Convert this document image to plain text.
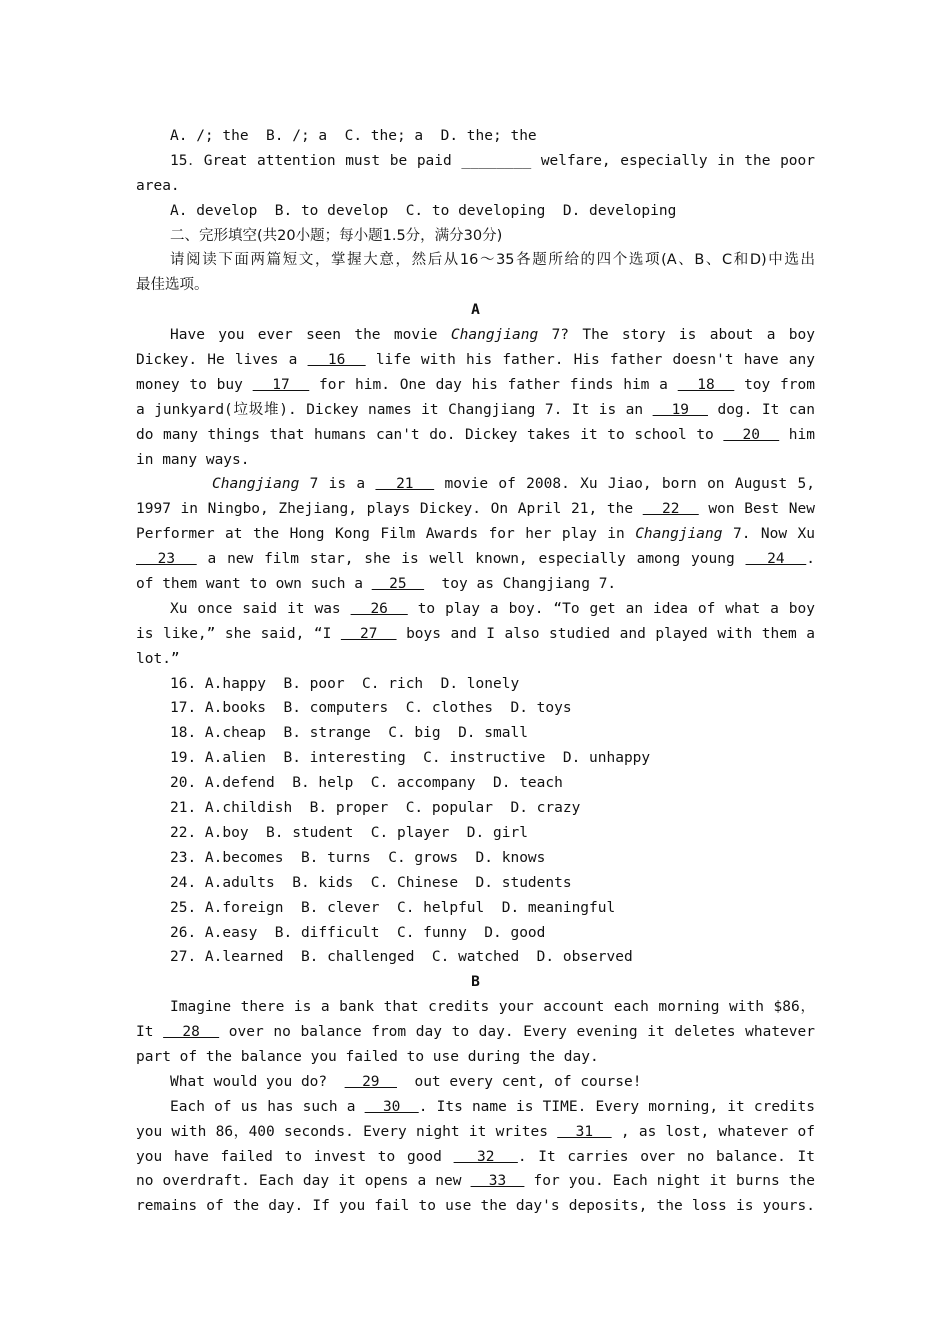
A. /; the  B. /; a  C. the; a  D. the; the
15．Great attention must be paid ________ welfare, especially in the poor
area.
A. develop  B. to develop  C. to developing  D. developing
二、完形填空(共20小题；每小题1.5分，满分30分)
请阅读下面两篇短文，掌握大意，然后从16～35各题所给的四个选项(A、B、C和D)中选出
最佳选项。
A
Have you ever seen the movie Changjiang 7? The story is about a boy
Dickey. He lives a   16   life with his father. His father doesn't have any
money to buy   17   for him. One day his father finds him a   18   toy from
a junkyard(垃圾堆). Dickey names it Changjiang 7. It is an   19   dog. It can
do many things that humans can't do. Dickey takes it to school to   20   him
in many ways.
Changjiang 7 is a   21   movie of 2008. Xu Jiao, born on August 5,
1997 in Ningbo, Zhejiang, plays Dickey. On April 21, the   22   won Best New
Performer at the Hong Kong Film Awards for her play in Changjiang 7. Now Xu
23   a new film star, she is well known, especially among young   24  .
of them want to own such a   25    toy as Changjiang 7.
Xu once said it was   26   to play a boy. “To get an idea of what a boy
is like,” she said, “I   27   boys and I also studied and played with them a
lot.”
16. A.happy  B. poor  C. rich  D. lonely
17. A.books  B. computers  C. clothes  D. toys
18. A.cheap  B. strange  C. big  D. small
19. A.alien  B. interesting  C. instructive  D. unhappy
20. A.defend  B. help  C. accompany  D. teach
21. A.childish  B. proper  C. popular  D. crazy
22. A.boy  B. student  C. player  D. girl
23. A.becomes  B. turns  C. grows  D. knows
24. A.adults  B. kids  C. Chinese  D. students
25. A.foreign  B. clever  C. helpful  D. meaningful
26. A.easy  B. difficult  C. funny  D. good
27. A.learned  B. challenged  C. watched  D. observed
B
Imagine there is a bank that credits your account each morning with $86，
It   28   over no balance from day to day. Every evening it deletes whatever
part of the balance you failed to use during the day.
What would you do?    29    out every cent, of course!
Each of us has such a   30  . Its name is TIME. Every morning, it credits
you with 86，400 seconds. Every night it writes   31   , as lost, whatever of
you have failed to invest to good   32  . It carries over no balance. It
no overdraft. Each day it opens a new   33   for you. Each night it burns the
remains of the day. If you fail to use the day's deposits, the loss is yours.
